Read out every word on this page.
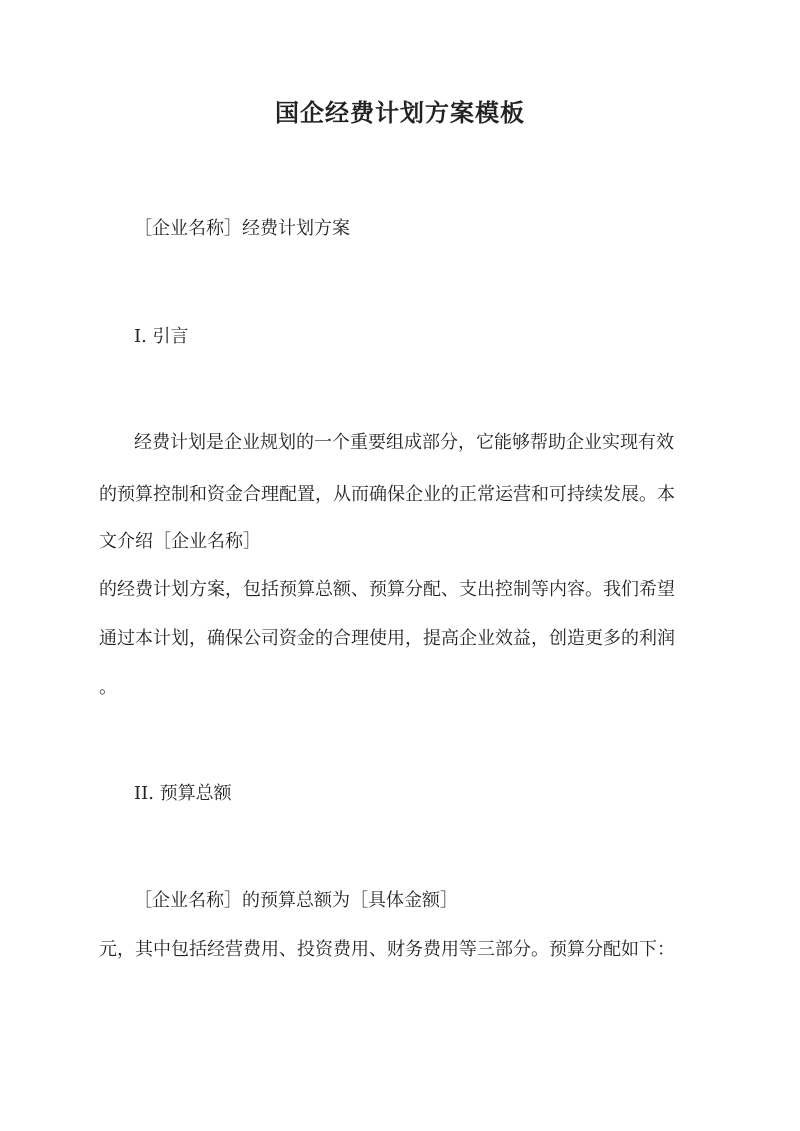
国企经费计划方案模板
［企业名称］经费计划方案
I. 引言
经费计划是企业规划的一个重要组成部分，它能够帮助企业实现有效
的预算控制和资金合理配置，从而确保企业的正常运营和可持续发展。本
文介绍［企业名称］
的经费计划方案，包括预算总额、预算分配、支出控制等内容。我们希望
通过本计划，确保公司资金的合理使用，提高企业效益，创造更多的利润
。
II. 预算总额
［企业名称］的预算总额为［具体金额］
元，其中包括经营费用、投资费用、财务费用等三部分。预算分配如下：
